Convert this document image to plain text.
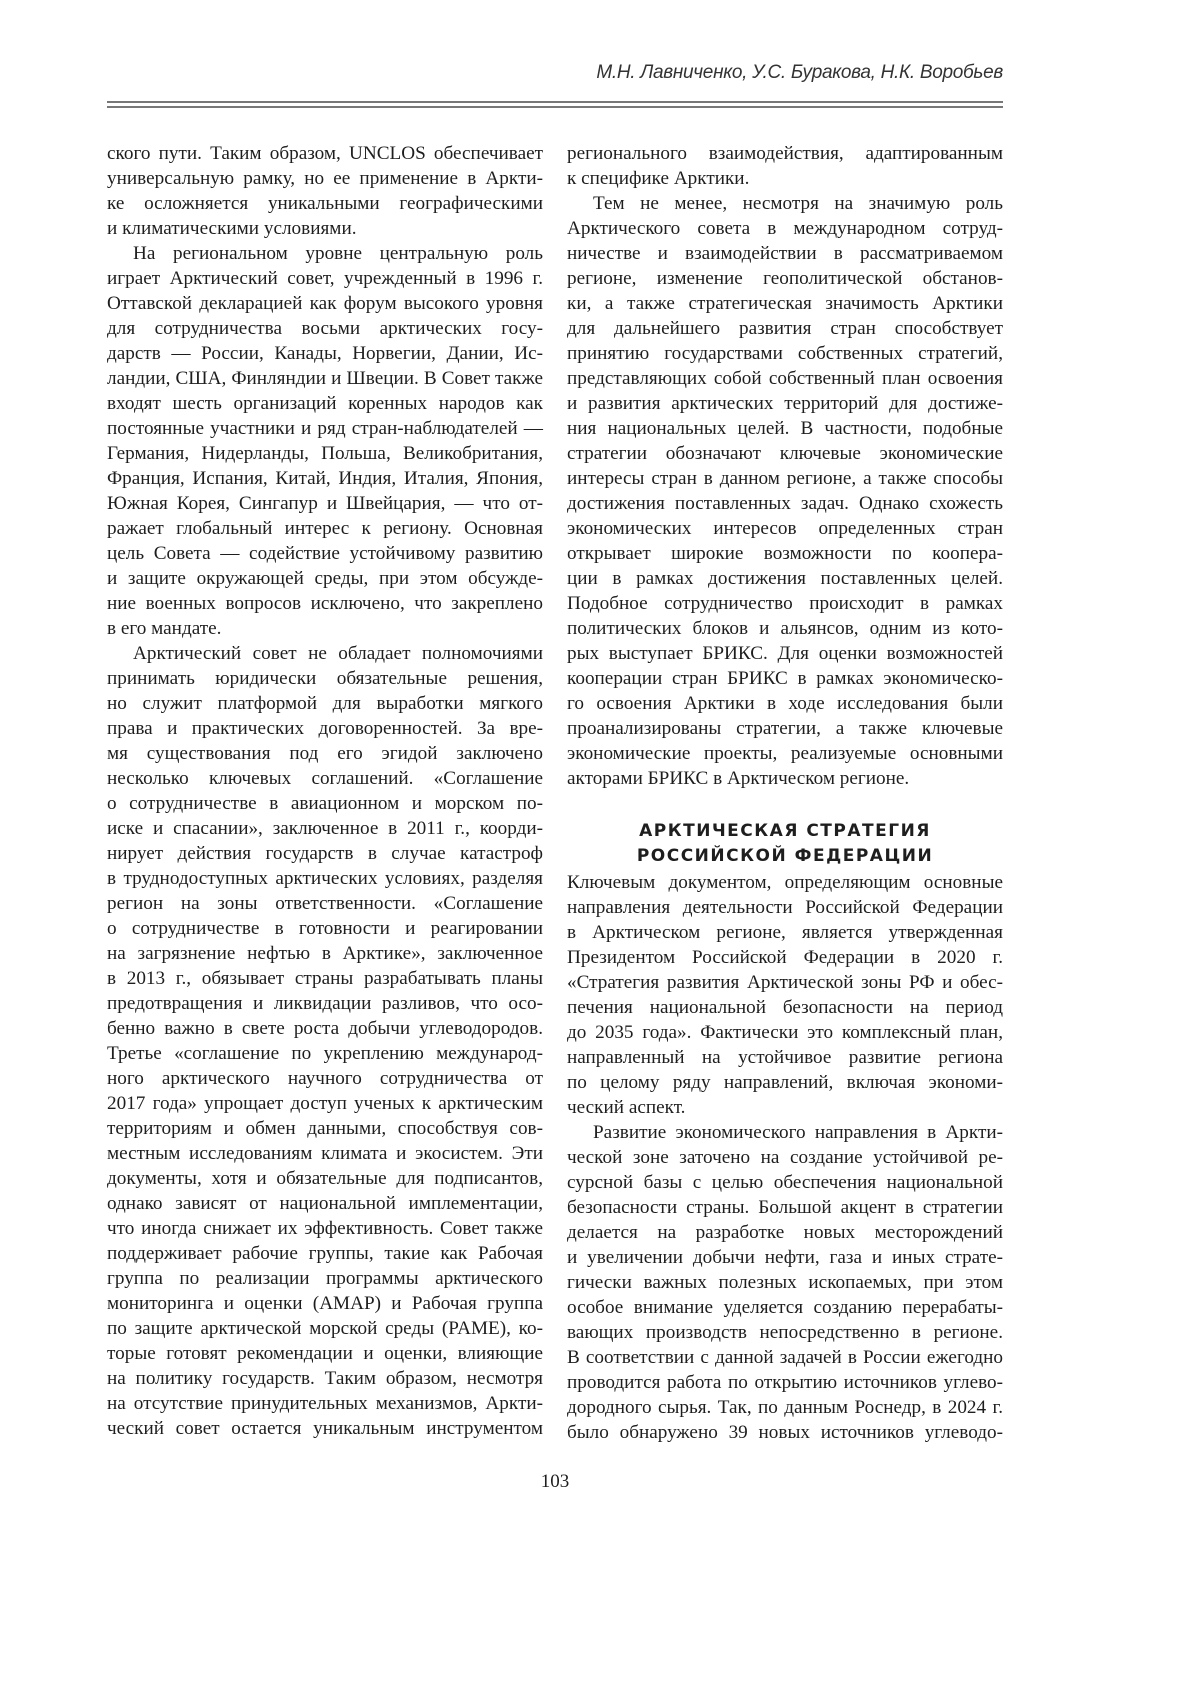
М.Н. Лавниченко, У.С. Буракова, Н.К. Воробьев
ского пути. Таким образом, UNCLOS обеспечивает
универсальную рамку, но ее применение в Аркти-
ке осложняется уникальными географическими
и климатическими условиями.
На региональном уровне центральную роль
играет Арктический совет, учрежденный в 1996 г.
Оттавской декларацией как форум высокого уровня
для сотрудничества восьми арктических госу-
дарств — России, Канады, Норвегии, Дании, Ис-
ландии, США, Финляндии и Швеции. В Совет также
входят шесть организаций коренных народов как
постоянные участники и ряд стран-наблюдателей —
Германия, Нидерланды, Польша, Великобритания,
Франция, Испания, Китай, Индия, Италия, Япония,
Южная Корея, Сингапур и Швейцария, — что от-
ражает глобальный интерес к региону. Основная
цель Совета — содействие устойчивому развитию
и защите окружающей среды, при этом обсужде-
ние военных вопросов исключено, что закреплено
в его мандате.
Арктический совет не обладает полномочиями
принимать юридически обязательные решения,
но служит платформой для выработки мягкого
права и практических договоренностей. За вре-
мя существования под его эгидой заключено
несколько ключевых соглашений. «Соглашение
о сотрудничестве в авиационном и морском по-
иске и спасании», заключенное в 2011 г., коорди-
нирует действия государств в случае катастроф
в труднодоступных арктических условиях, разделяя
регион на зоны ответственности. «Соглашение
о сотрудничестве в готовности и реагировании
на загрязнение нефтью в Арктике», заключенное
в 2013 г., обязывает страны разрабатывать планы
предотвращения и ликвидации разливов, что осо-
бенно важно в свете роста добычи углеводородов.
Третье «соглашение по укреплению международ-
ного арктического научного сотрудничества от
2017 года» упрощает доступ ученых к арктическим
территориям и обмен данными, способствуя сов-
местным исследованиям климата и экосистем. Эти
документы, хотя и обязательные для подписантов,
однако зависят от национальной имплементации,
что иногда снижает их эффективность. Совет также
поддерживает рабочие группы, такие как Рабочая
группа по реализации программы арктического
мониторинга и оценки (AMAP) и Рабочая группа
по защите арктической морской среды (PAME), ко-
торые готовят рекомендации и оценки, влияющие
на политику государств. Таким образом, несмотря
на отсутствие принудительных механизмов, Аркти-
ческий совет остается уникальным инструментом
регионального взаимодействия, адаптированным
к специфике Арктики.
Тем не менее, несмотря на значимую роль
Арктического совета в международном сотруд-
ничестве и взаимодействии в рассматриваемом
регионе, изменение геополитической обстанов-
ки, а также стратегическая значимость Арктики
для дальнейшего развития стран способствует
принятию государствами собственных стратегий,
представляющих собой собственный план освоения
и развития арктических территорий для достиже-
ния национальных целей. В частности, подобные
стратегии обозначают ключевые экономические
интересы стран в данном регионе, а также способы
достижения поставленных задач. Однако схожесть
экономических интересов определенных стран
открывает широкие возможности по коопера-
ции в рамках достижения поставленных целей.
Подобное сотрудничество происходит в рамках
политических блоков и альянсов, одним из кото-
рых выступает БРИКС. Для оценки возможностей
кооперации стран БРИКС в рамках экономическо-
го освоения Арктики в ходе исследования были
проанализированы стратегии, а также ключевые
экономические проекты, реализуемые основными
акторами БРИКС в Арктическом регионе.
АРКТИЧЕСКАЯ СТРАТЕГИЯ
РОССИЙСКОЙ ФЕДЕРАЦИИ
Ключевым документом, определяющим основные
направления деятельности Российской Федерации
в Арктическом регионе, является утвержденная
Президентом Российской Федерации в 2020 г.
«Стратегия развития Арктической зоны РФ и обес-
печения национальной безопасности на период
до 2035 года». Фактически это комплексный план,
направленный на устойчивое развитие региона
по целому ряду направлений, включая экономи-
ческий аспект.
Развитие экономического направления в Аркти-
ческой зоне заточено на создание устойчивой ре-
сурсной базы с целью обеспечения национальной
безопасности страны. Большой акцент в стратегии
делается на разработке новых месторождений
и увеличении добычи нефти, газа и иных страте-
гически важных полезных ископаемых, при этом
особое внимание уделяется созданию перерабаты-
вающих производств непосредственно в регионе.
В соответствии с данной задачей в России ежегодно
проводится работа по открытию источников углево-
дородного сырья. Так, по данным Роснедр, в 2024 г.
было обнаружено 39 новых источников углеводо-
103
